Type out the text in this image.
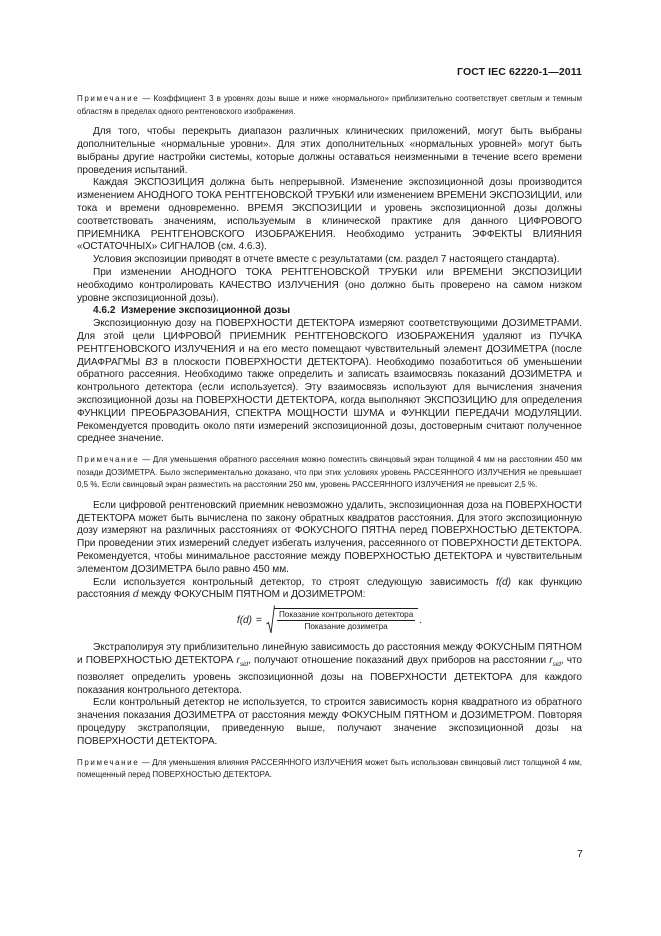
ГОСТ IEC 62220-1—2011

Примечание — Коэффициент 3 в уровнях дозы выше и ниже «нормального» приблизительно соответствует светлым и темным областям в пределах одного рентгеновского изображения.

Для того, чтобы перекрыть диапазон различных клинических приложений, могут быть выбраны дополнительные «нормальные уровни». Для этих дополнительных «нормальных уровней» могут быть выбраны другие настройки системы, которые должны оставаться неизменными в течение всего времени проведения испытаний.

Каждая ЭКСПОЗИЦИЯ должна быть непрерывной. Изменение экспозиционной дозы производится изменением АНОДНОГО ТОКА РЕНТГЕНОВСКОЙ ТРУБКИ или изменением ВРЕМЕНИ ЭКСПОЗИЦИИ, или тока и времени одновременно. ВРЕМЯ ЭКСПОЗИЦИИ и уровень экспозиционной дозы должны соответствовать значениям, используемым в клинической практике для данного ЦИФРОВОГО ПРИЕМНИКА РЕНТГЕНОВСКОГО ИЗОБРАЖЕНИЯ. Необходимо устранить ЭФФЕКТЫ ВЛИЯНИЯ «ОСТАТОЧНЫХ» СИГНАЛОВ (см. 4.6.3).

Условия экспозиции приводят в отчете вместе с результатами (см. раздел 7 настоящего стандарта).

При изменении АНОДНОГО ТОКА РЕНТГЕНОВСКОЙ ТРУБКИ или ВРЕМЕНИ ЭКСПОЗИЦИИ необходимо контролировать КАЧЕСТВО ИЗЛУЧЕНИЯ (оно должно быть проверено на самом низком уровне экспозиционной дозы).

4.6.2 Измерение экспозиционной дозы

Экспозиционную дозу на ПОВЕРХНОСТИ ДЕТЕКТОРА измеряют соответствующими ДОЗИМЕТРАМИ. Для этой цели ЦИФРОВОЙ ПРИЕМНИК РЕНТГЕНОВСКОГО ИЗОБРАЖЕНИЯ удаляют из ПУЧКА РЕНТГЕНОВСКОГО ИЗЛУЧЕНИЯ и на его место помещают чувствительный элемент ДОЗИМЕТРА (после ДИАФРАГМЫ B3 в плоскости ПОВЕРХНОСТИ ДЕТЕКТОРА). Необходимо позаботиться об уменьшении обратного рассеяния. Необходимо также определить и записать взаимосвязь показаний ДОЗИМЕТРА и контрольного детектора (если используется). Эту взаимосвязь используют для вычисления значения экспозиционной дозы на ПОВЕРХНОСТИ ДЕТЕКТОРА, когда выполняют ЭКСПОЗИЦИЮ для определения ФУНКЦИИ ПРЕОБРАЗОВАНИЯ, СПЕКТРА МОЩНОСТИ ШУМА и ФУНКЦИИ ПЕРЕДАЧИ МОДУЛЯЦИИ. Рекомендуется проводить около пяти измерений экспозиционной дозы, достоверным считают полученное среднее значение.

Примечание — Для уменьшения обратного рассеяния можно поместить свинцовый экран толщиной 4 мм на расстоянии 450 мм позади ДОЗИМЕТРА. Было экспериментально доказано, что при этих условиях уровень РАССЕЯННОГО ИЗЛУЧЕНИЯ не превышает 0,5 %. Если свинцовый экран разместить на расстоянии 250 мм, уровень РАССЕЯННОГО ИЗЛУЧЕНИЯ не превысит 2,5 %.

Если цифровой рентгеновский приемник невозможно удалить, экспозиционная доза на ПОВЕРХНОСТИ ДЕТЕКТОРА может быть вычислена по закону обратных квадратов расстояния. Для этого экспозиционную дозу измеряют на различных расстояниях от ФОКУСНОГО ПЯТНА перед ПОВЕРХНОСТЬЮ ДЕТЕКТОРА. При проведении этих измерений следует избегать излучения, рассеянного от ПОВЕРХНОСТИ ДЕТЕКТОРА. Рекомендуется, чтобы минимальное расстояние между ПОВЕРХНОСТЬЮ ДЕТЕКТОРА и чувствительным элементом ДОЗИМЕТРА было равно 450 мм.

Если используется контрольный детектор, то строят следующую зависимость f(d) как функцию расстояния d между ФОКУСНЫМ ПЯТНОМ и ДОЗИМЕТРОМ:

$f(d) = \frac{\text{Показание контрольного детектора}}{\text{Показание дозиметра}}$ .

Экстраполируя эту приблизительно линейную зависимость до расстояния между ФОКУСНЫМ ПЯТНОМ и ПОВЕРХНОСТЬЮ ДЕТЕКТОРА $r_{sid}$, получают отношение показаний двух приборов на расстоянии $r_{sid}$, что позволяет определить уровень экспозиционной дозы на ПОВЕРХНОСТИ ДЕТЕКТОРА для каждого показания контрольного детектора.

Если контрольный детектор не используется, то строится зависимость корня квадратного из обратного значения показания ДОЗИМЕТРА от расстояния между ФОКУСНЫМ ПЯТНОМ и ДОЗИМЕТРОМ. Повторяя процедуру экстраполяции, приведенную выше, получают значение экспозиционной дозы на ПОВЕРХНОСТИ ДЕТЕКТОРА.

Примечание — Для уменьшения влияния РАССЕЯННОГО ИЗЛУЧЕНИЯ может быть использован свинцовый лист толщиной 4 мм, помещенный перед ПОВЕРХНОСТЬЮ ДЕТЕКТОРА.

7
